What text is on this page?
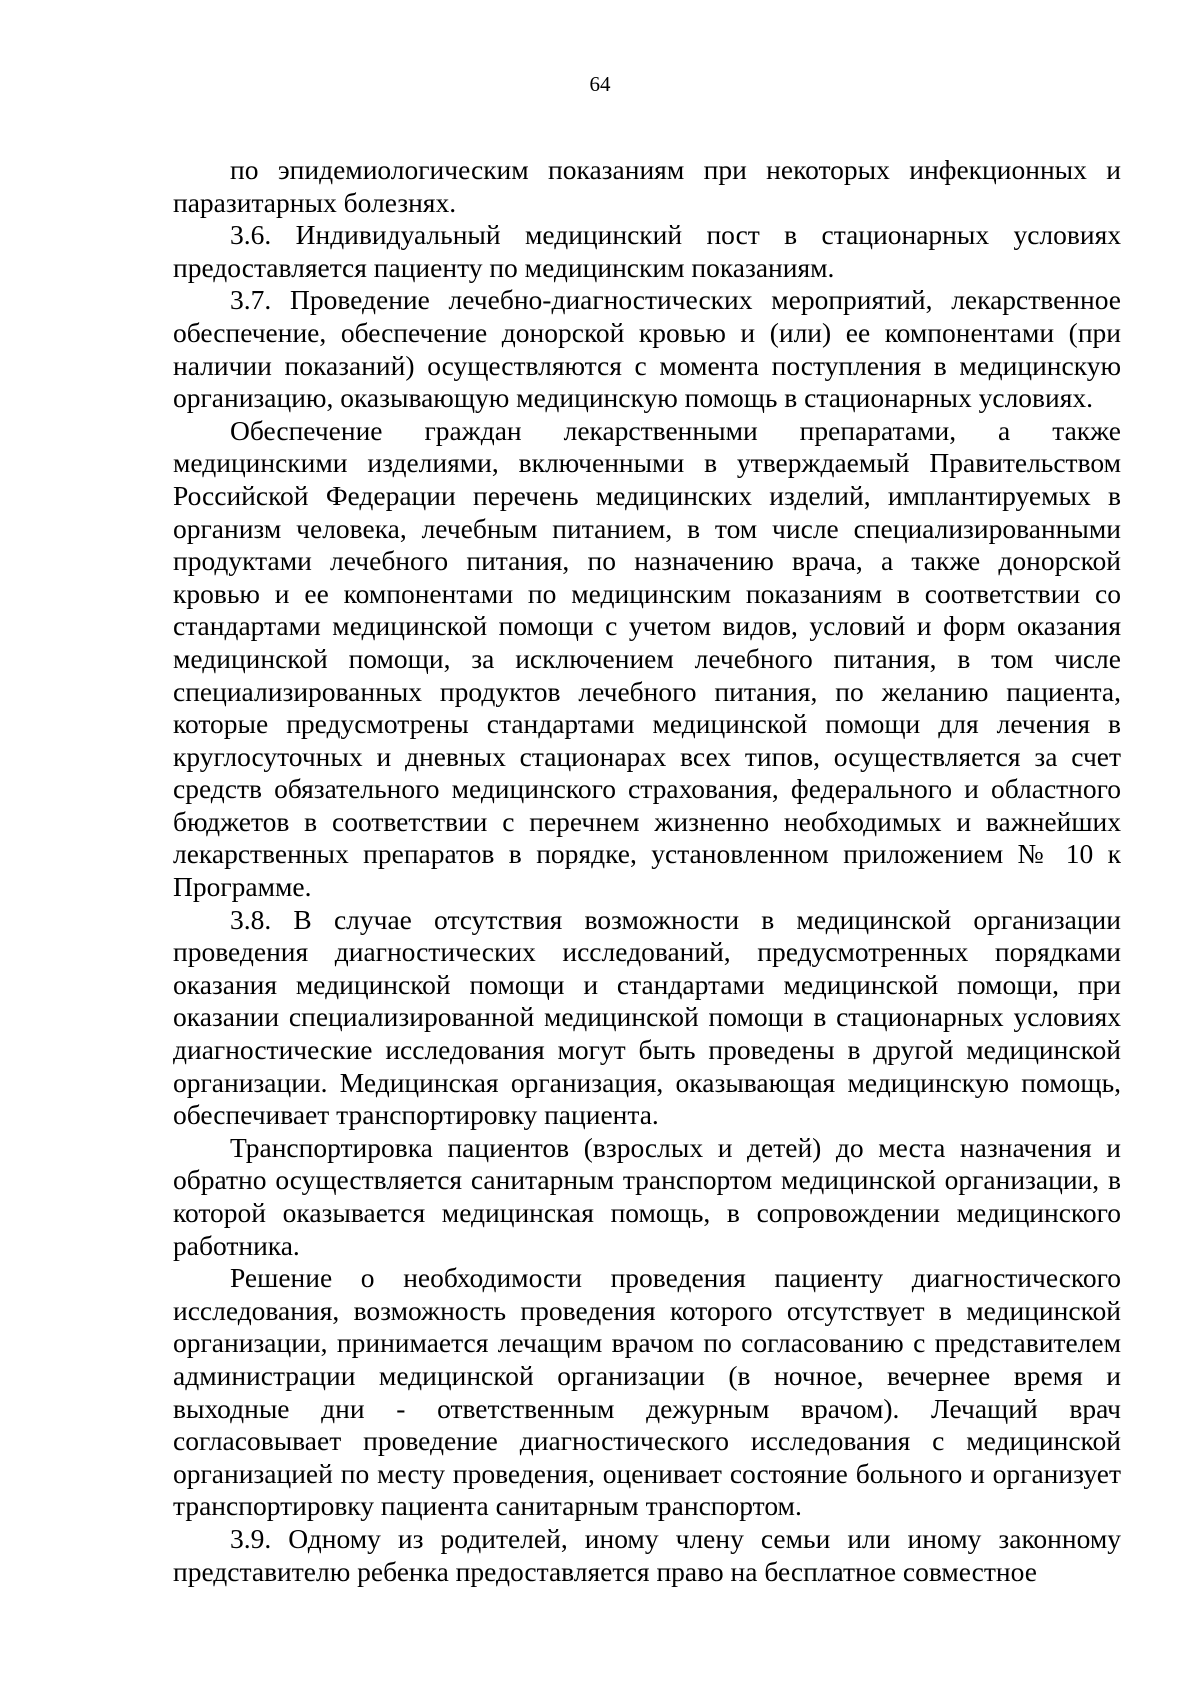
64

по эпидемиологическим показаниям при некоторых инфекционных и паразитарных болезнях.

3.6. Индивидуальный медицинский пост в стационарных условиях предоставляется пациенту по медицинским показаниям.

3.7. Проведение лечебно-диагностических мероприятий, лекарственное обеспечение, обеспечение донорской кровью и (или) ее компонентами (при наличии показаний) осуществляются с момента поступления в медицинскую организацию, оказывающую медицинскую помощь в стационарных условиях.

Обеспечение граждан лекарственными препаратами, а также медицинскими изделиями, включенными в утверждаемый Правительством Российской Федерации перечень медицинских изделий, имплантируемых в организм человека, лечебным питанием, в том числе специализированными продуктами лечебного питания, по назначению врача, а также донорской кровью и ее компонентами по медицинским показаниям в соответствии со стандартами медицинской помощи с учетом видов, условий и форм оказания медицинской помощи, за исключением лечебного питания, в том числе специализированных продуктов лечебного питания, по желанию пациента, которые предусмотрены стандартами медицинской помощи для лечения в круглосуточных и дневных стационарах всех типов, осуществляется за счет средств обязательного медицинского страхования, федерального и областного бюджетов в соответствии с перечнем жизненно необходимых и важнейших лекарственных препаратов в порядке, установленном приложением № 10 к Программе.

3.8. В случае отсутствия возможности в медицинской организации проведения диагностических исследований, предусмотренных порядками оказания медицинской помощи и стандартами медицинской помощи, при оказании специализированной медицинской помощи в стационарных условиях диагностические исследования могут быть проведены в другой медицинской организации. Медицинская организация, оказывающая медицинскую помощь, обеспечивает транспортировку пациента.

Транспортировка пациентов (взрослых и детей) до места назначения и обратно осуществляется санитарным транспортом медицинской организации, в которой оказывается медицинская помощь, в сопровождении медицинского работника.

Решение о необходимости проведения пациенту диагностического исследования, возможность проведения которого отсутствует в медицинской организации, принимается лечащим врачом по согласованию с представителем администрации медицинской организации (в ночное, вечернее время и выходные дни - ответственным дежурным врачом). Лечащий врач согласовывает проведение диагностического исследования с медицинской организацией по месту проведения, оценивает состояние больного и организует транспортировку пациента санитарным транспортом.

3.9. Одному из родителей, иному члену семьи или иному законному представителю ребенка предоставляется право на бесплатное совместное
